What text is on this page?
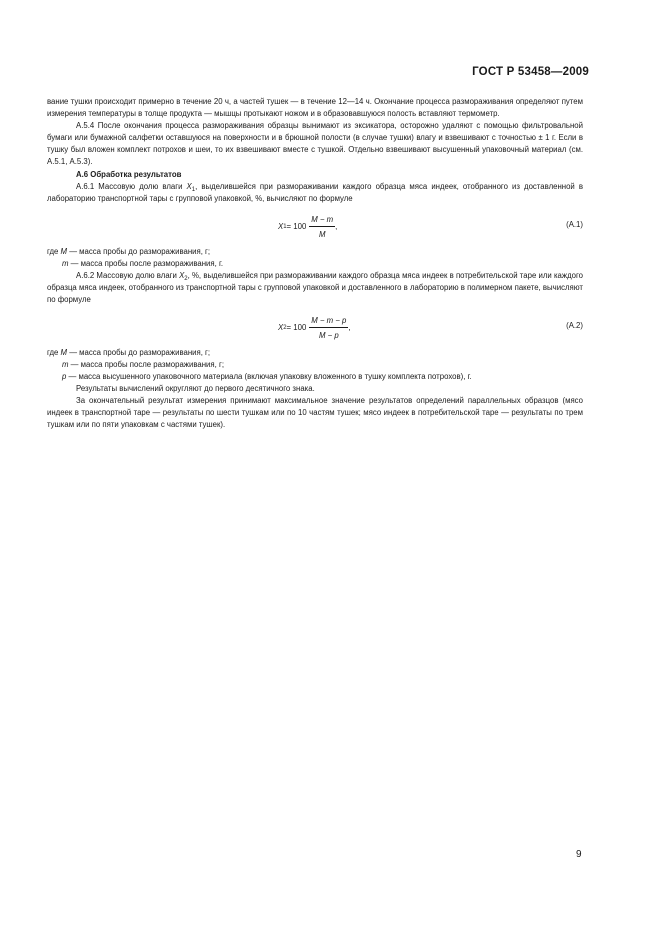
ГОСТ Р 53458—2009

вание тушки происходит примерно в течение 20 ч, а частей тушек — в течение 12—14 ч. Окончание процесса размораживания определяют путем измерения температуры в толще продукта — мышцы протыкают ножом и в образовавшуюся полость вставляют термометр.

А.5.4 После окончания процесса размораживания образцы вынимают из эксикатора, осторожно удаляют с помощью фильтровальной бумаги или бумажной салфетки оставшуюся на поверхности и в брюшной полости (в случае тушки) влагу и взвешивают с точностью ± 1 г. Если в тушку был вложен комплект потрохов и шеи, то их взвешивают вместе с тушкой. Отдельно взвешивают высушенный упаковочный материал (см. А.5.1, А.5.3).

А.6 Обработка результатов

А.6.1 Массовую долю влаги $X_1$, выделившейся при размораживании каждого образца мяса индеек, отобранного из доставленной в лабораторию транспортной тары с групповой упаковкой, %, вычисляют по формуле

X $1 = 100 \frac{M - m}{M}$ ,	(А.1)

где M — масса пробы до размораживания, г;

m — масса пробы после размораживания, г.

А.6.2 Массовую долю влаги $X_2$, %, выделившейся при размораживании каждого образца мяса индеек в потребительской таре или каждого образца мяса индеек, отобранного из транспортной тары с групповой упаковкой и доставленного в лабораторию в полимерном пакете, вычисляют по формуле

X $2 = 100 \frac{M - m - p}{M - p}$ ,	(А.2)

где M — масса пробы до размораживания, г;

m — масса пробы после размораживания, г;

p — масса высушенного упаковочного материала (включая упаковку вложенного в тушку комплекта потрохов), г.

Результаты вычислений округляют до первого десятичного знака.

За окончательный результат измерения принимают максимальное значение результатов определений параллельных образцов (мясо индеек в транспортной таре — результаты по шести тушкам или по 10 частям тушек; мясо индеек в потребительской таре — результаты по трем тушкам или по пяти упаковкам с частями тушек).

9
